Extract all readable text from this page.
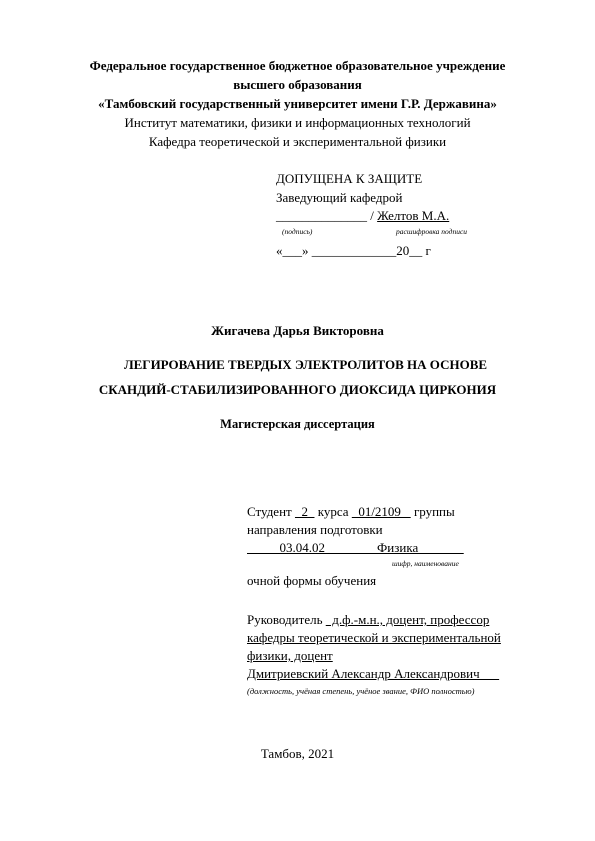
Федеральное государственное бюджетное образовательное учреждение
высшего образования
«Тамбовский государственный университет имени Г.Р. Державина»
Институт математики, физики и информационных технологий
Кафедра теоретической и экспериментальной физики
ДОПУЩЕНА К ЗАЩИТЕ
Заведующий кафедрой
______________ / Желтов М.А.
(подпись)	расшифровка подписи
«___» _____________20__ г
Жигачева Дарья Викторовна
ЛЕГИРОВАНИЕ ТВЕРДЫХ ЭЛЕКТРОЛИТОВ НА ОСНОВЕ
СКАНДИЙ-СТАБИЛИЗИРОВАННОГО ДИОКСИДА ЦИРКОНИЯ
Магистерская диссертация
Студент   2   курса   01/2109    группы
направления подготовки
03.04.02                Физика
шифр, наименование
очной формы обучения
Руководитель   д.ф.-м.н., доцент, профессор
кафедры теоретической и экспериментальной
физики, доцент
Дмитриевский Александр Александрович
(должность, учёная степень, учёное звание, ФИО полностью)
Тамбов, 2021
